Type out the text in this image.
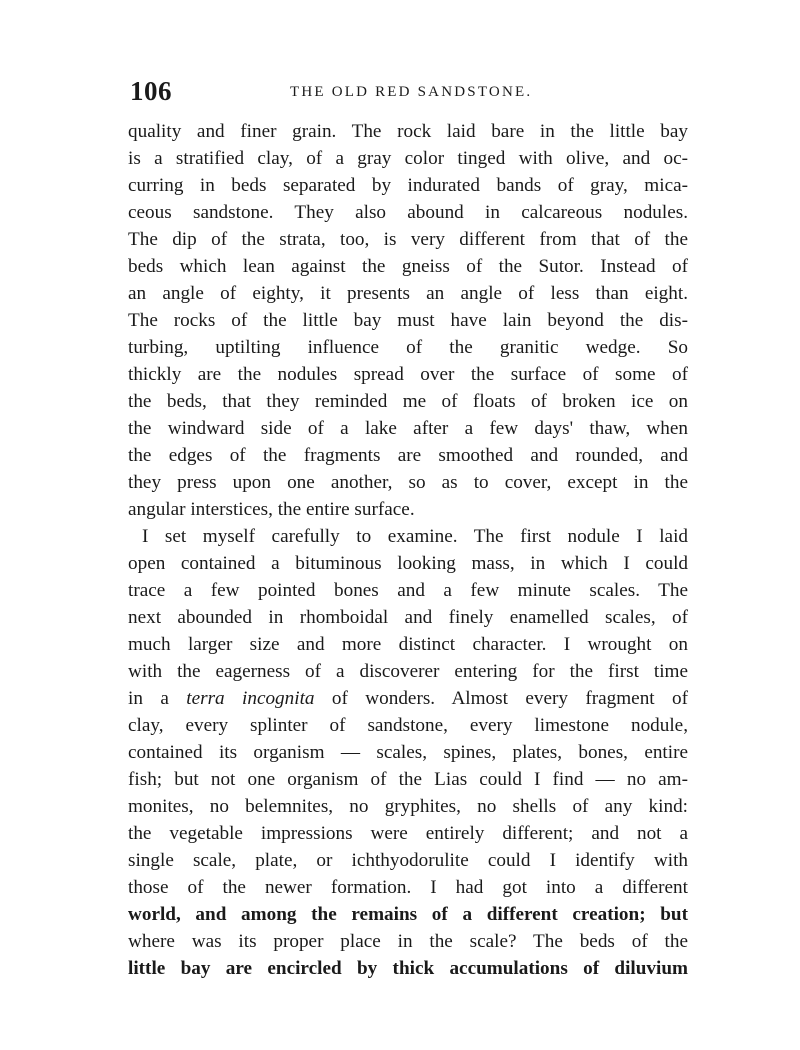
106	THE OLD RED SANDSTONE.
quality and finer grain. The rock laid bare in the little bay
is a stratified clay, of a gray color tinged with olive, and oc-
curring in beds separated by indurated bands of gray, mica-
ceous sandstone. They also abound in calcareous nodules.
The dip of the strata, too, is very different from that of the
beds which lean against the gneiss of the Sutor. Instead of
an angle of eighty, it presents an angle of less than eight.
The rocks of the little bay must have lain beyond the dis-
turbing, uptilting influence of the granitic wedge. So
thickly are the nodules spread over the surface of some of
the beds, that they reminded me of floats of broken ice on
the windward side of a lake after a few days' thaw, when
the edges of the fragments are smoothed and rounded, and
they press upon one another, so as to cover, except in the
angular interstices, the entire surface.
I set myself carefully to examine. The first nodule I laid
open contained a bituminous looking mass, in which I could
trace a few pointed bones and a few minute scales. The
next abounded in rhomboidal and finely enamelled scales, of
much larger size and more distinct character. I wrought on
with the eagerness of a discoverer entering for the first time
in a terra incognita of wonders. Almost every fragment of
clay, every splinter of sandstone, every limestone nodule,
contained its organism — scales, spines, plates, bones, entire
fish; but not one organism of the Lias could I find — no am-
monites, no belemnites, no gryphites, no shells of any kind:
the vegetable impressions were entirely different; and not a
single scale, plate, or ichthyodorulite could I identify with
those of the newer formation. I had got into a different
world, and among the remains of a different creation; but
where was its proper place in the scale? The beds of the
little bay are encircled by thick accumulations of diluvium
